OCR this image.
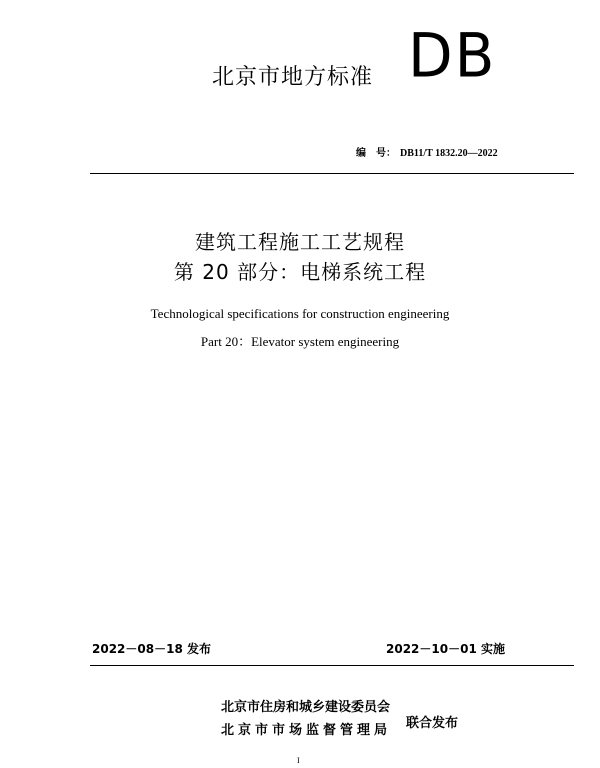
北京市地方标准 DB
编　号： DB11/T 1832.20—2022
建筑工程施工工艺规程
第 20 部分：电梯系统工程
Technological specifications for construction engineering
Part 20：Elevator system engineering
2022－08－18 发布	2022－10－01 实施
北京市住房和城乡建设委员会
北京市市场监督管理局 联合发布
I
